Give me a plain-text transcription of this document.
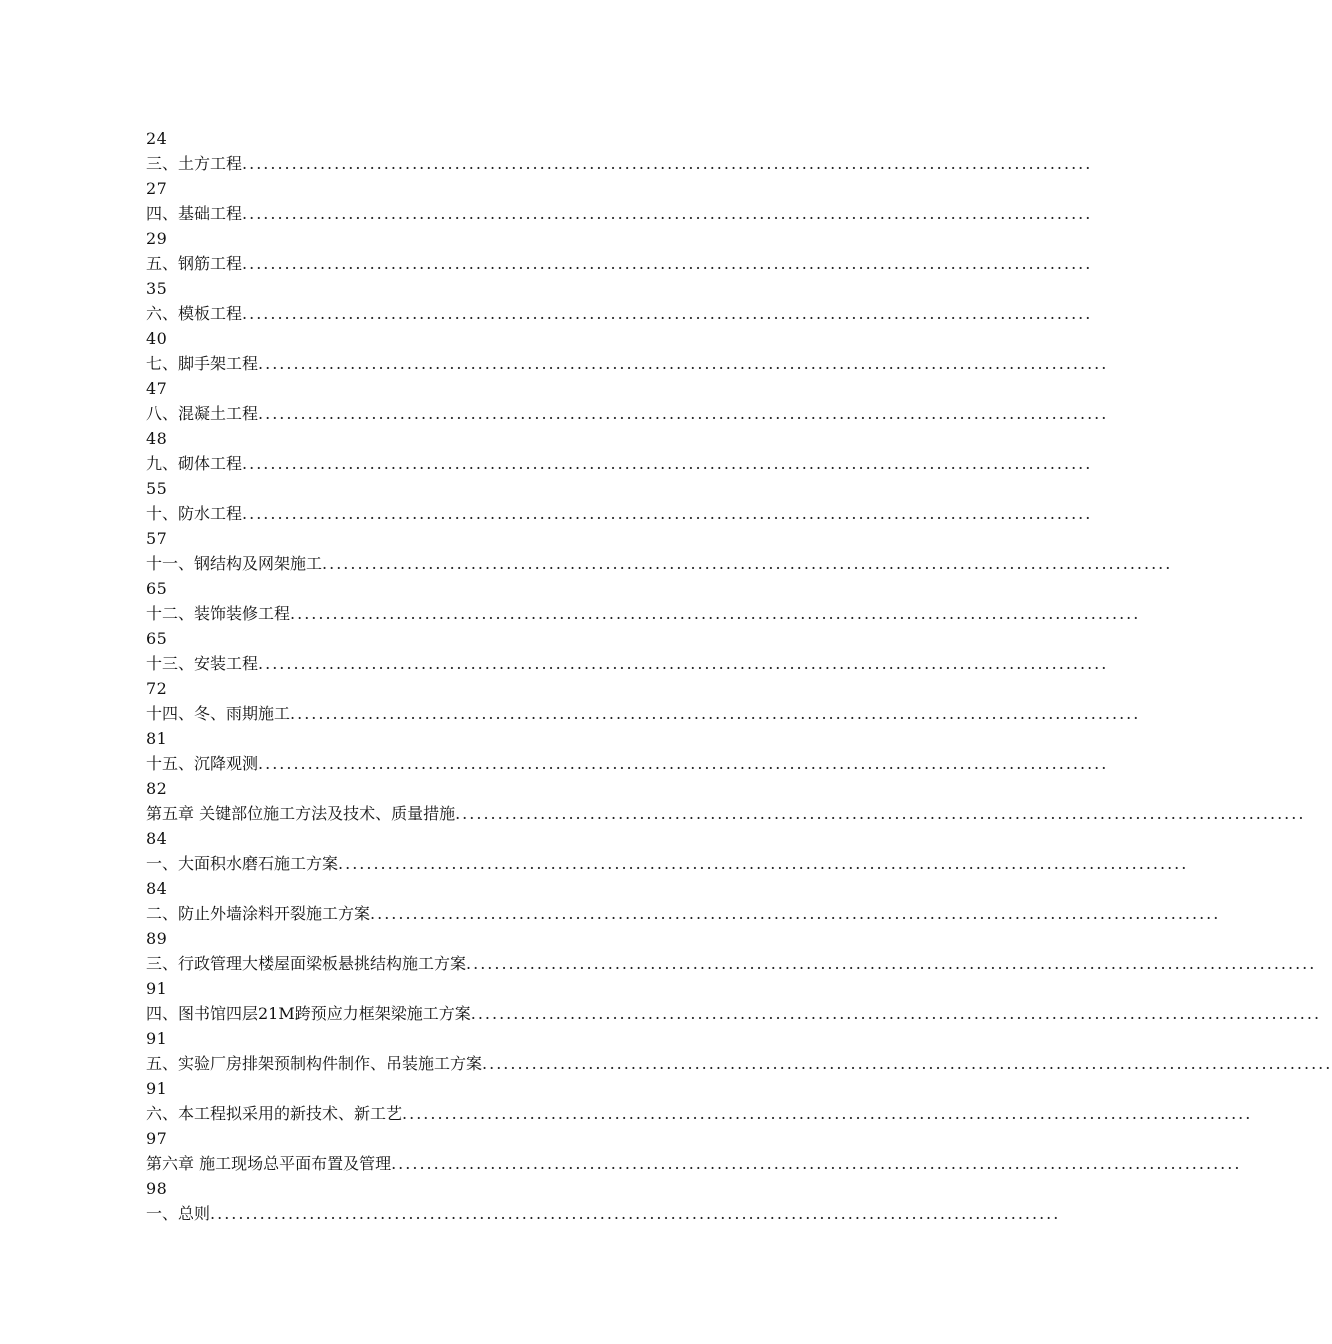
24
三、土方工程 ........................................................................................................................
27
四、基础工程 ........................................................................................................................
29
五、钢筋工程 ........................................................................................................................
35
六、模板工程 ........................................................................................................................
40
七、脚手架工程 ........................................................................................................................
47
八、混凝土工程 ........................................................................................................................
48
九、砌体工程 ........................................................................................................................
55
十、防水工程 ........................................................................................................................
57
十一、钢结构及网架施工 ........................................................................................................................
65
十二、装饰装修工程 ........................................................................................................................
65
十三、安装工程 ........................................................................................................................
72
十四、冬、雨期施工 ........................................................................................................................
81
十五、沉降观测 ........................................................................................................................
82
第五章 关键部位施工方法及技术、质量措施 ........................................................................................................................
84
一、大面积水磨石施工方案 ........................................................................................................................
84
二、防止外墙涂料开裂施工方案 ........................................................................................................................
89
三、行政管理大楼屋面梁板悬挑结构施工方案 ........................................................................................................................
91
四、图书馆四层21M跨预应力框架梁施工方案 ........................................................................................................................
91
五、实验厂房排架预制构件制作、吊装施工方案 ........................................................................................................................
91
六、本工程拟采用的新技术、新工艺 ........................................................................................................................
97
第六章 施工现场总平面布置及管理 ........................................................................................................................
98
一、总则 ........................................................................................................................
